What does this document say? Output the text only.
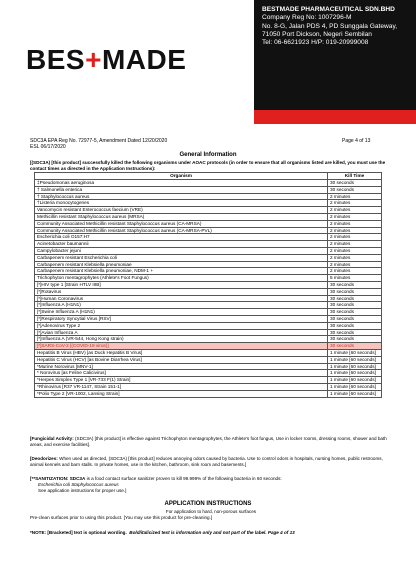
BES+MADE
BESTMADE PHARMACEUTICAL SDN.BHD
Company Reg No: 1007296-M
No. 8-G, Jalan PDS 4, PD Sunggala Gateway,
71050 Port Dickson, Negeri Sembilan
Tel: 06-6621923 H/P: 019-20999008
SDC3A EPA Reg No. 72977-5, Amendment Dated 12/20/2020
ESL 06/17/2020
Page 4 of 13
General Information
[(SDC3A) [this product] successfully killed the following organisms under AOAC protocols (in order to ensure that all organisms listed are killed, you must use the contact times as directed in the Application Instructions):
Organism	Kill Time
‡Pseudomonas aeruginosa	30 seconds
† Salmonella enterica	30 seconds
† Staphylococcus aureus	2 minutes
†Listeria monocytogenes	2 minutes
Vancomycin resistant Enterococcus faecium (VRE)	2 minutes
Methicillin resistant Staphylococcus aureus (MRSA)	2 minutes
Community Associated Methicillin resistant Staphylococcus aureus (CA-MRSA)	2 minutes
Community Associated Methicillin resistant Staphylococcus aureus (CA-MRSA-PVL)	2 minutes
Escherichia coli O157:H7	2 minutes
Acinetobacter baumannii	2 minutes
Campylobacter jejuni	2 minutes
Carbapenem resistant Escherichia coli	2 minutes
Carbapenem resistant Klebsiella pneumoniae	2 minutes
Carbapenem resistant Klebsiella pneumoniae, NDM-1 +	2 minutes
Trichophyton mentagrophytes (Athlete's Foot Fungus)	5 minutes
[*]HIV type 1 [Strain HTLV IIIB]	30 seconds
[*]Rotavirus	30 seconds
[*]Human Coronavirus	30 seconds
[*]Influenza A (H1N1)	30 seconds
[*]Swine Influenza A (H1N1)	30 seconds
[*]Respiratory Syncytial Virus [RSV]	30 seconds
[*]Adenovirus Type 2	30 seconds
[*]Avian Influenza A	30 seconds
[*]Influenza A (VR-544, Hong Kong strain)	30 seconds
[*]SARS-CoV-2 [(COVID-19 virus)]	30 seconds
Hepatitis B Virus (HBV) [as Duck Hepatitis B Virus]	1 minute [60 seconds]
Hepatitis C Virus (HCV) [as Bovine Diarrhea Virus]	1 minute [60 seconds]
*Murine Norovirus [MNV-1]	1 minute [60 seconds]
* Norovirus [as Feline Calicivirus]	1 minute [60 seconds]
*Herpes Simplex Type 1 [VR-733 F(1) Strain]	1 minute [60 seconds]
*Rhinovirus [R37 VR-1147, Strain 151-1]	1 minute [60 seconds]
*Polio Type 2 [VR-1002, Lansing Strain]	1 minute [60 seconds]
[Fungicidal Activity: (SDC3A) [this product] is effective against Trichophyton mentagrophytes, the Athlete's foot fungus, Use in locker rooms, dressing rooms, shower and bath areas, and exercise facilities].
[Deodorizes: When used as directed, (SDC3A) [this product] reduces annoying odors caused by bacteria. Use to control odors in hospitals, nursing homes, public restrooms, animal kennels and barn stalls. In private homes, use in the kitchen, bathroom, sink room and basements.]
[**SANITIZATION: SDC3A is a food contact surface sanitizer proven to kill 99.999% of the following bacteria in 60 seconds:
Escherichia coli Staphylococcus aureus
See application instructions for proper use.]
APPLICATION INSTRUCTIONS
For application to hard, non-porous surfaces
Pre-clean surfaces prior to using this product. [You may use this product for pre-cleaning.]
*NOTE: [Bracketed] text is optional wording. Bold/italicized text is information only and not part of the label. Page 4 of 13
